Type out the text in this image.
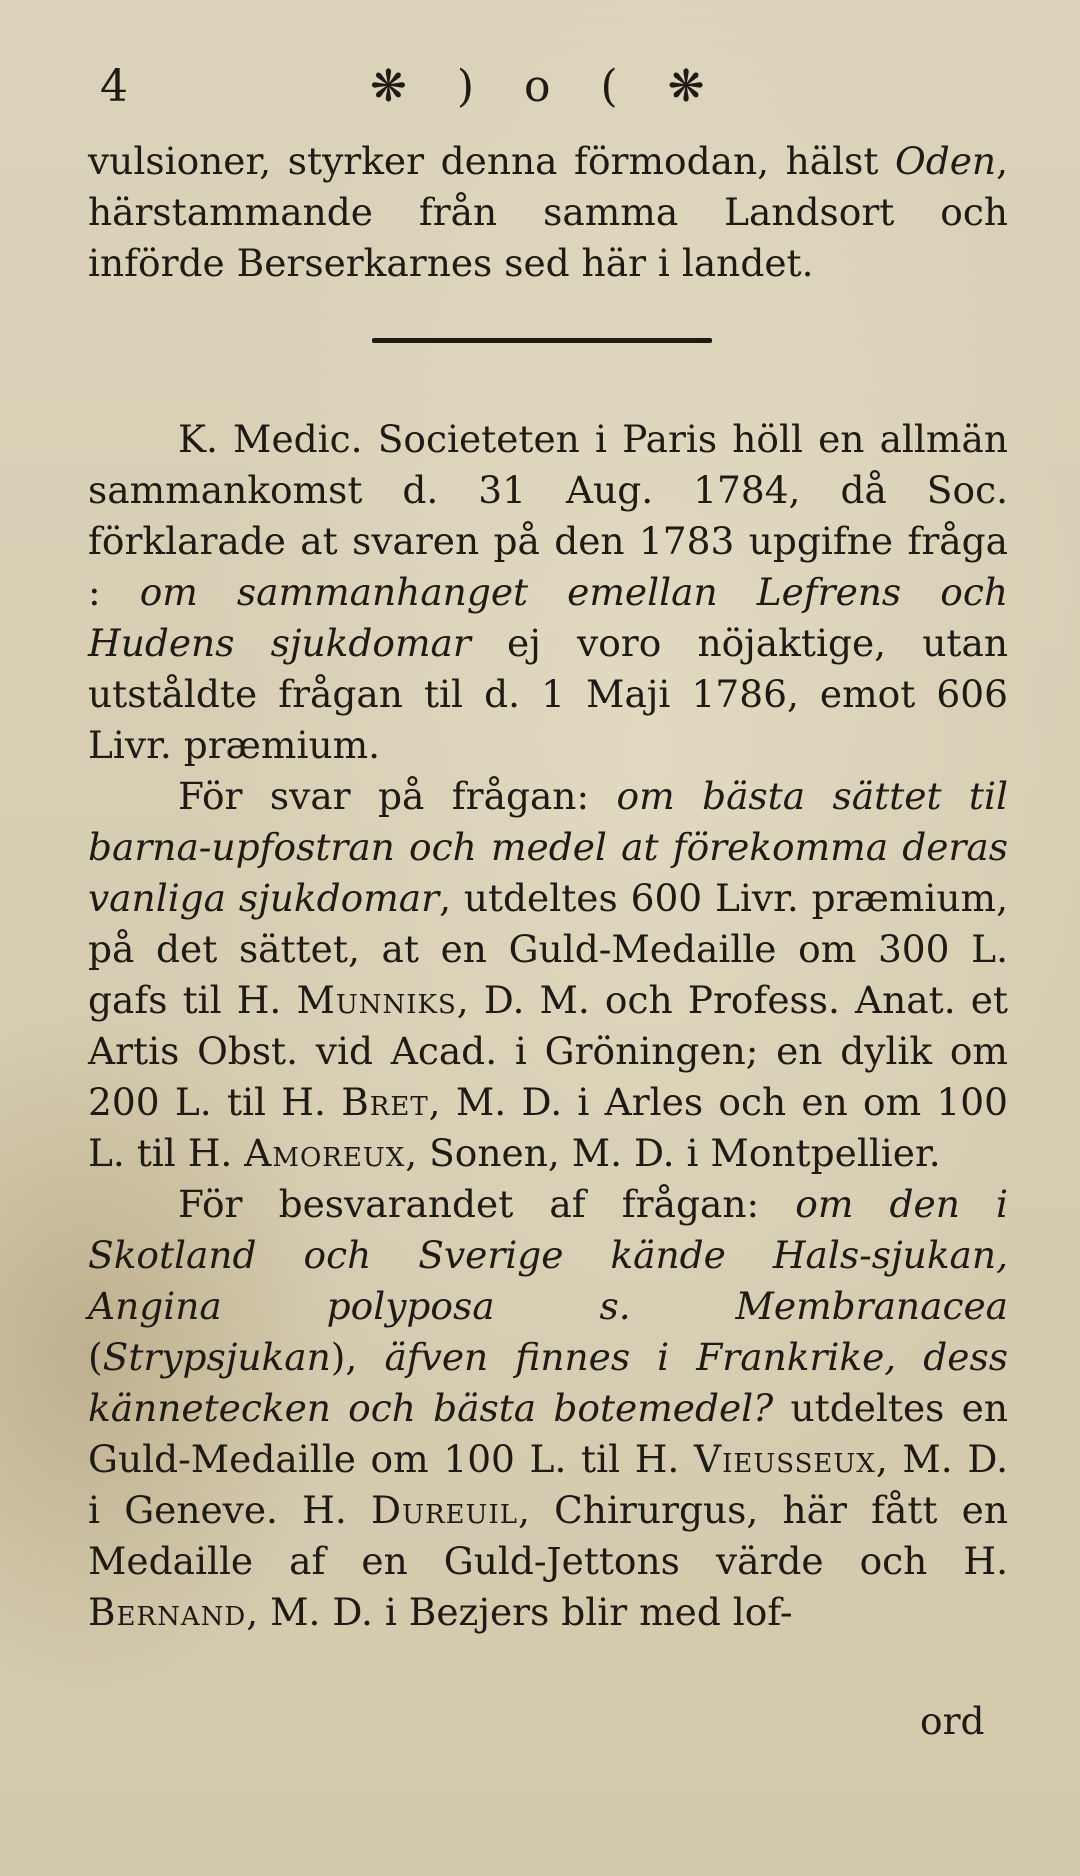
4	❋ ) o ( ❋

vulsioner, styrker denna förmodan, hälst Oden, härstammande från samma Landsort och införde Berserkarnes sed här i landet.

K. Medic. Societeten i Paris höll en allmän sammankomst d. 31 Aug. 1784, då Soc. förklarade at svaren på den 1783 upgifne fråga : om sammanhanget emellan Lefrens och Hudens sjukdomar ej voro nöjaktige, utan utståldte frågan til d. 1 Maji 1786, emot 606 Livr. præmium.

För svar på frågan: om bästa sättet til barna-upfostran och medel at förekomma deras vanliga sjukdomar, utdeltes 600 Livr. præmium, på det sättet, at en Guld-Medaille om 300 L. gafs til H. Munniks, D. M. och Profess. Anat. et Artis Obst. vid Acad. i Gröningen; en dylik om 200 L. til H. Bret, M. D. i Arles och en om 100 L. til H. Amoreux, Sonen, M. D. i Montpellier.

För besvarandet af frågan: om den i Skotland och Sverige kände Hals-sjukan, Angina polyposa s. Membranacea (Strypsjukan), äfven finnes i Frankrike, dess kännetecken och bästa botemedel? utdeltes en Guld-Medaille om 100 L. til H. Vieusseux, M. D. i Geneve. H. Dureuil, Chirurgus, här fått en Medaille af en Guld-Jettons värde och H. Bernand, M. D. i Bezjers blir med lof-

ord
